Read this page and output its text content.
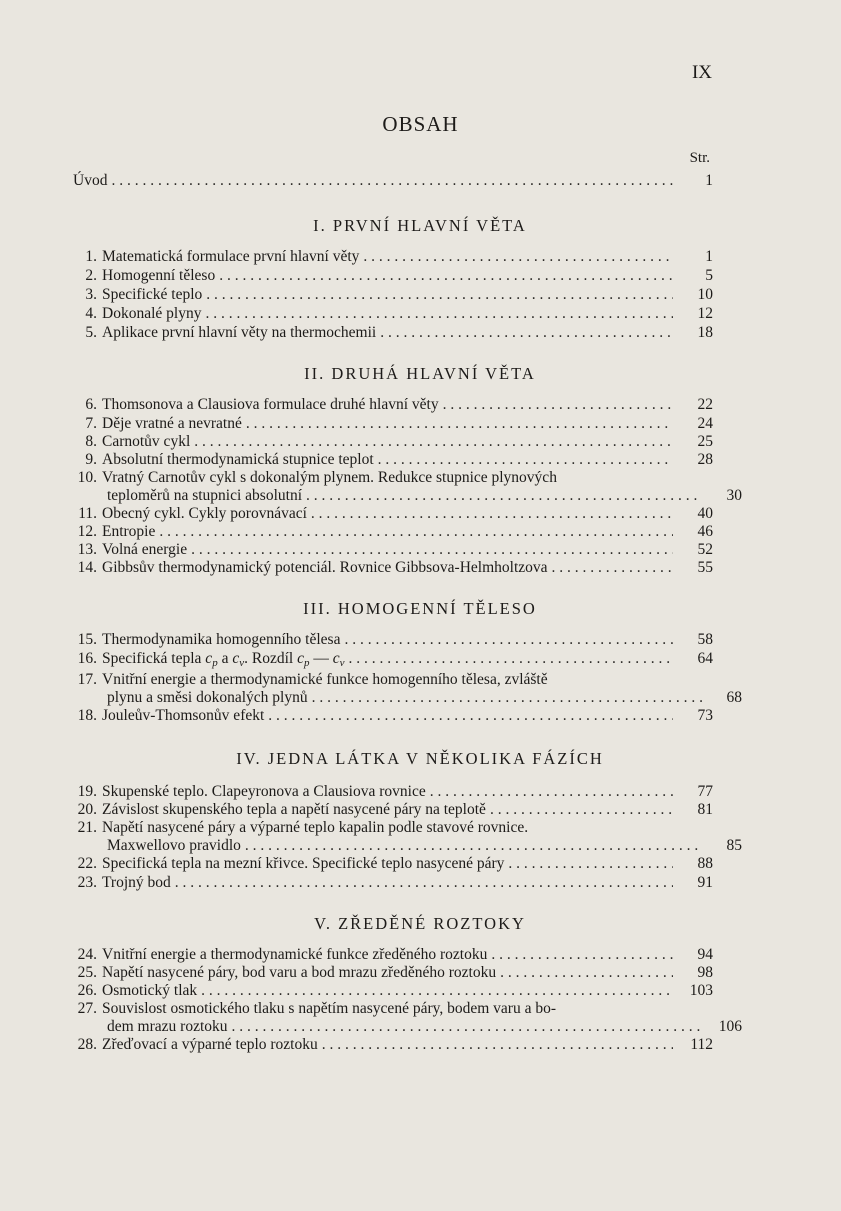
IX
OBSAH
Str.
Úvod . . .	1
I. PRVNÍ HLAVNÍ VĚTA
1. Matematická formulace první hlavní věty . . .	1
2. Homogenní těleso . . .	5
3. Specifické teplo . . .	10
4. Dokonalé plyny . . .	12
5. Aplikace první hlavní věty na thermochemii . . .	18
II. DRUHÁ HLAVNÍ VĚTA
6. Thomsonova a Clausiova formulace druhé hlavní věty . . .	22
7. Děje vratné a nevratné . . .	24
8. Carnotův cykl . . .	25
9. Absolutní thermodynamická stupnice teplot . . .	28
10. Vratný Carnotův cykl s dokonalým plynem. Redukce stupnice plynových
teploměrů na stupnici absolutní . . .	30
11. Obecný cykl. Cykly porovnávací . . .	40
12. Entropie . . .	46
13. Volná energie . . .	52
14. Gibbsův thermodynamický potenciál. Rovnice Gibbsova-Helmholtzova . . .	55
III. HOMOGENNÍ TĚLESO
15. Thermodynamika homogenního tělesa . . .	58
16. Specifická tepla cp a cv. Rozdíl cp — cv . . .	64
17. Vnitřní energie a thermodynamické funkce homogenního tělesa, zvláště
plynu a směsi dokonalých plynů . . .	68
18. Jouleův-Thomsonův efekt . . .	73
IV. JEDNA LÁTKA V NĚKOLIKA FÁZÍCH
19. Skupenské teplo. Clapeyronova a Clausiova rovnice . . .	77
20. Závislost skupenského tepla a napětí nasycené páry na teplotě . . .	81
21. Napětí nasycené páry a výparné teplo kapalin podle stavové rovnice.
Maxwellovo pravidlo . . .	85
22. Specifická tepla na mezní křivce. Specifické teplo nasycené páry . . .	88
23. Trojný bod . . .	91
V. ZŘEDĚNÉ ROZTOKY
24. Vnitřní energie a thermodynamické funkce zředěného roztoku . . .	94
25. Napětí nasycené páry, bod varu a bod mrazu zředěného roztoku . . .	98
26. Osmotický tlak . . .	103
27. Souvislost osmotického tlaku s napětím nasycené páry, bodem varu a bo-
dem mrazu roztoku . . .	106
28. Zřeďovací a výparné teplo roztoku . . .	112
